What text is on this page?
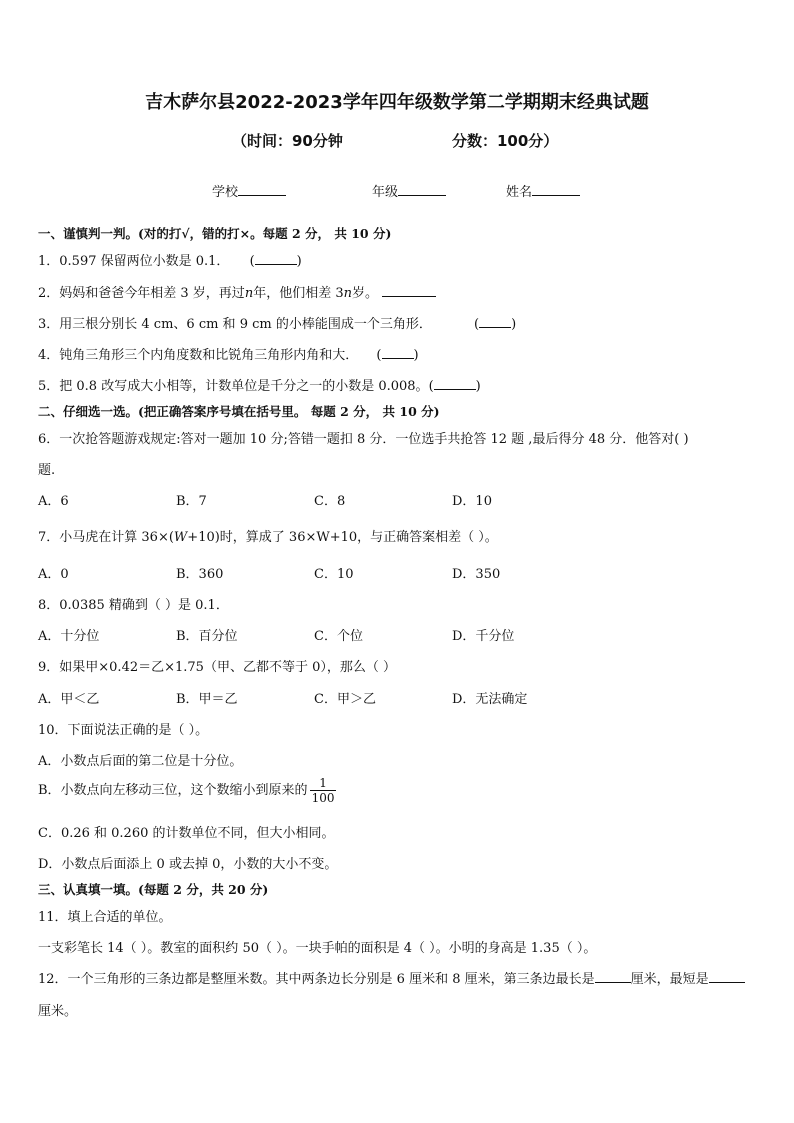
吉木萨尔县2022-2023学年四年级数学第二学期期末经典试题
（时间：90分钟	分数：100分）
学校	年级	姓名
一、谨慎判一判。(对的打√，错的打×。每题 2 分， 共 10 分)
1．0.597 保留两位小数是 0.1． (	)
2．妈妈和爸爸今年相差 3 岁，再过n年，他们相差 3n岁。
3．用三根分别长 4 cm、6 cm 和 9 cm 的小棒能围成一个三角形．	( )
4．钝角三角形三个内角度数和比锐角三角形内角和大． ( )
5．把 0.8 改写成大小相等，计数单位是千分之一的小数是 0.008。(	)
二、仔细选一选。(把正确答案序号填在括号里。 每题 2 分， 共 10 分)
6．一次抢答题游戏规定:答对一题加 10 分;答错一题扣 8 分．一位选手共抢答 12 题 ,最后得分 48 分．他答对( )
题.
A．6	B．7	C．8	D．10
7．小马虎在计算 36×(W+10)时，算成了 36×W+10，与正确答案相差（ ）。
A．0	B．360	C．10	D．350
8．0.0385 精确到（ ）是 0.1．
A．十分位	B．百分位	C．个位	D．千分位
9．如果甲×0.42＝乙×1.75（甲、乙都不等于 0），那么（ ）
A．甲＜乙	B．甲＝乙	C．甲＞乙	D．无法确定
10．下面说法正确的是（ ）。
A．小数点后面的第二位是十分位。
B．小数点向左移动三位，这个数缩小到原来的 $\frac{1}{100}$
C．0.26 和 0.260 的计数单位不同，但大小相同。
D．小数点后面添上 0 或去掉 0，小数的大小不变。
三、认真填一填。(每题 2 分，共 20 分)
11．填上合适的单位。
一支彩笔长 14（ ）。教室的面积约 50（ ）。一块手帕的面积是 4（ ）。小明的身高是 1.35（ ）。
12．一个三角形的三条边都是整厘米数。其中两条边长分别是 6 厘米和 8 厘米，第三条边最长是	厘米，最短是
厘米。
